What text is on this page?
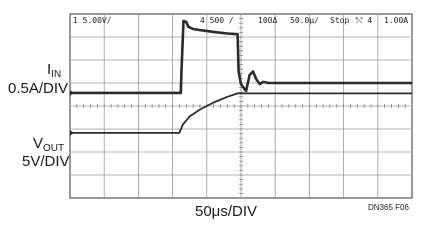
1 5.00V/	4 500 /	100Δ 50.0μ/ Stop ⤲ 4 1.00A
$I_{IN}$
0.5A/DIV
$V_{OUT}$
5V/DIV
50μs/DIV	DN365 F06
